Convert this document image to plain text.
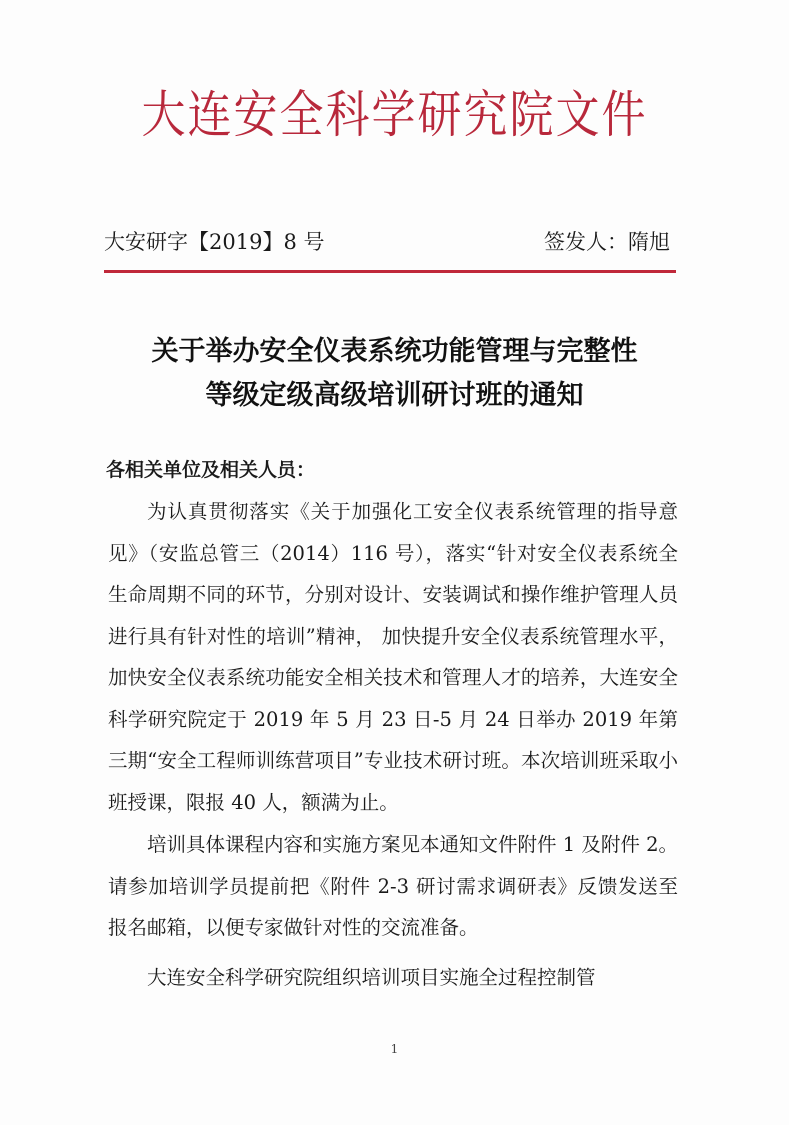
大连安全科学研究院文件
大安研字【2019】8 号	签发人：隋旭
关于举办安全仪表系统功能管理与完整性
等级定级高级培训研讨班的通知
各相关单位及相关人员：
为认真贯彻落实《关于加强化工安全仪表系统管理的指导意见》（安监总管三（2014）116 号），落实“针对安全仪表系统全生命周期不同的环节，分别对设计、安装调试和操作维护管理人员进行具有针对性的培训”精神， 加快提升安全仪表系统管理水平，加快安全仪表系统功能安全相关技术和管理人才的培养，大连安全科学研究院定于 2019 年 5 月 23 日-5 月 24 日举办 2019 年第三期“安全工程师训练营项目”专业技术研讨班。本次培训班采取小班授课，限报 40 人，额满为止。
培训具体课程内容和实施方案见本通知文件附件 1 及附件 2。请参加培训学员提前把《附件 2-3 研讨需求调研表》反馈发送至报名邮箱，以便专家做针对性的交流准备。
大连安全科学研究院组织培训项目实施全过程控制管
1
